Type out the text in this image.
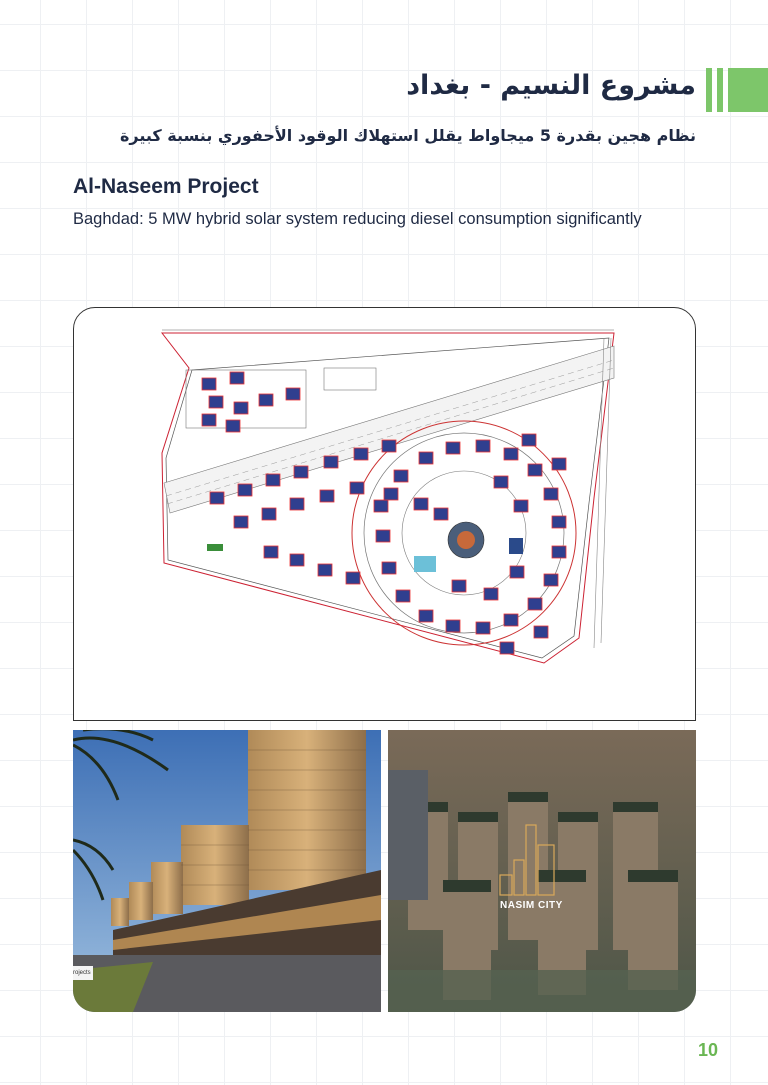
مشروع النسيم - بغداد
نظام هجين بقدرة 5 ميجاواط يقلل استهلاك الوقود الأحفوري بنسبة كبيرة
Al-Naseem Project
Baghdad: 5 MW hybrid solar system reducing diesel consumption significantly
rojects
NASIM CITY
10
